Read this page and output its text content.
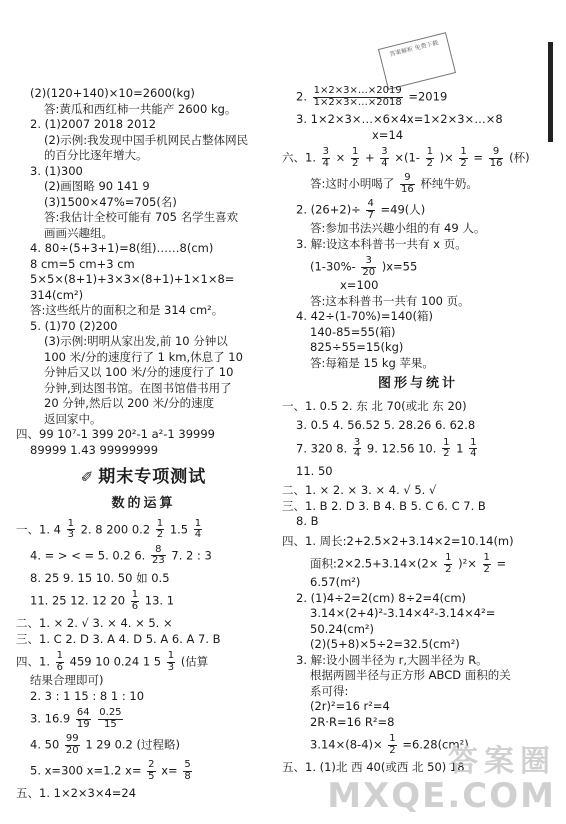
答案解析 免费下载

(2)(120+140)×10=2600(kg)

答:黄瓜和西红柿一共能产 2600 kg。

2. (1)2007 2018 2012

(2)示例:我发现中国手机网民占整体网民

的百分比逐年增大。

3. (1)300

(2)画图略 90 141 9

(3)1500×47%=705(名)

答:我估计全校可能有 705 名学生喜欢

画画兴趣组。

4. 80÷(5+3+1)=8(组)……8(cm)

8 cm=5 cm+3 cm

5×5×(8+1)+3×3×(8+1)+1×1×8=

314(cm²)

答:这些纸片的面积之和是 314 cm²。

5. (1)70 (2)200

(3)示例:明明从家出发,前 10 分钟以

100 米/分的速度行了 1 km,休息了 10

分钟后又以 100 米/分的速度行了 10

分钟,到达图书馆。在图书馆借书用了

20 分钟,然后以 200 米/分的速度

返回家中。

四、99 10⁷-1 399 20²-1 a²-1 39999

89999 1.43 99999999

✐ 期末专项测试
数的运算

一、1. $4 \frac{1}{3} 2$. 8 200 $0.2 \frac{1}{2} 1.5 \frac{1}{4}$

4. = > < = 5. 0.2 6. $\frac{8}{23} 7$. 2 : 3

8. 25 9. 15 10. 50 如 0.5

11. 25 12. 12 $20 \frac{1}{6} 13$. 1

二、1. × 2. √ 3. × 4. × 5. ×

三、1. C 2. D 3. A 4. D 5. A 6. A 7. B

四、1. $\frac{1}{6} 459$ 10 0.24 1 $5 \frac{1}{3}$ (估算

结果合理即可)

2. 3 : 1 15 : 8 1 : 10

3. $16.9 \frac{64}{19}$
$\frac{0.25}{15}$

4. $50 \frac{99}{20} 1$ 29 0.2 (过程略)

5. x=300 x=1.2 $x= \frac{2}{5} x= \frac{5}{8}$

五、1. 1×2×3×4=24

2. $\frac{1\times 2\times 3\times\dots\times 2019}{1\times 2\times 3\times\dots\times 2018} =2019$

3. 1×2×3×…×6×4x=1×2×3×…×8

x=14

六、1. $\frac{3}{4} \times \frac{1}{2} + \frac{3}{4} \times(1- \frac{1}{2}$ )× $\frac{1}{2} = \frac{9}{16}$ (杯)

答:这时小明喝了 $\frac{9}{16}$ 杯纯牛奶。

2. $(26+2)\div \frac{4}{7} =49$(人)

答:参加书法兴趣小组的有 49 人。

3. 解:设这本科普书一共有 x 页。

$(1-30\%- \frac{3}{20} )x=55$

x=100

答:这本科普书一共有 100 页。

4. 42÷(1-70%)=140(箱)

140-85=55(箱)

825÷55=15(kg)

答:每箱是 15 kg 苹果。

图形与统计

一、1. 0.5 2. 东 北 70(或北 东 20)

3. 0.5 4. 56.52 5. 28.26 6. 62.8

7. 320 8. $\frac{3}{4} 9$. 12.56 10. $\frac{1}{2} 1 \frac{1}{4}$

11. 50

二、1. × 2. × 3. × 4. √ 5. √

三、1. B 2. D 3. B 4. B 5. C 6. C 7. B

8. B

四、1. 周长:2+2.5×2+3.14×2=10.14(m)

面积:2×2.5+3.14×(2× $\frac{1}{2} )^2\times \frac{1}{2}$ =

6.57(m²)

2. (1)4÷2=2(cm) 8÷2=4(cm)

3.14×(2+4)²-3.14×4²-3.14×4²=

50.24(cm²)

(2)(5+8)×5÷2=32.5(cm²)

3. 解:设小圆半径为 r,大圆半径为 R。

根据两圆半径与正方形 ABCD 面积的关

系可得:

(2r)²=16 r²=4

2R·R=16 R²=8

$3.14\times(8-4)\times \frac{1}{2} =6.28(cm^2)$

五、1. (1)北 西 40(或西 北 50) 18

答案圈
MXQE.COM
